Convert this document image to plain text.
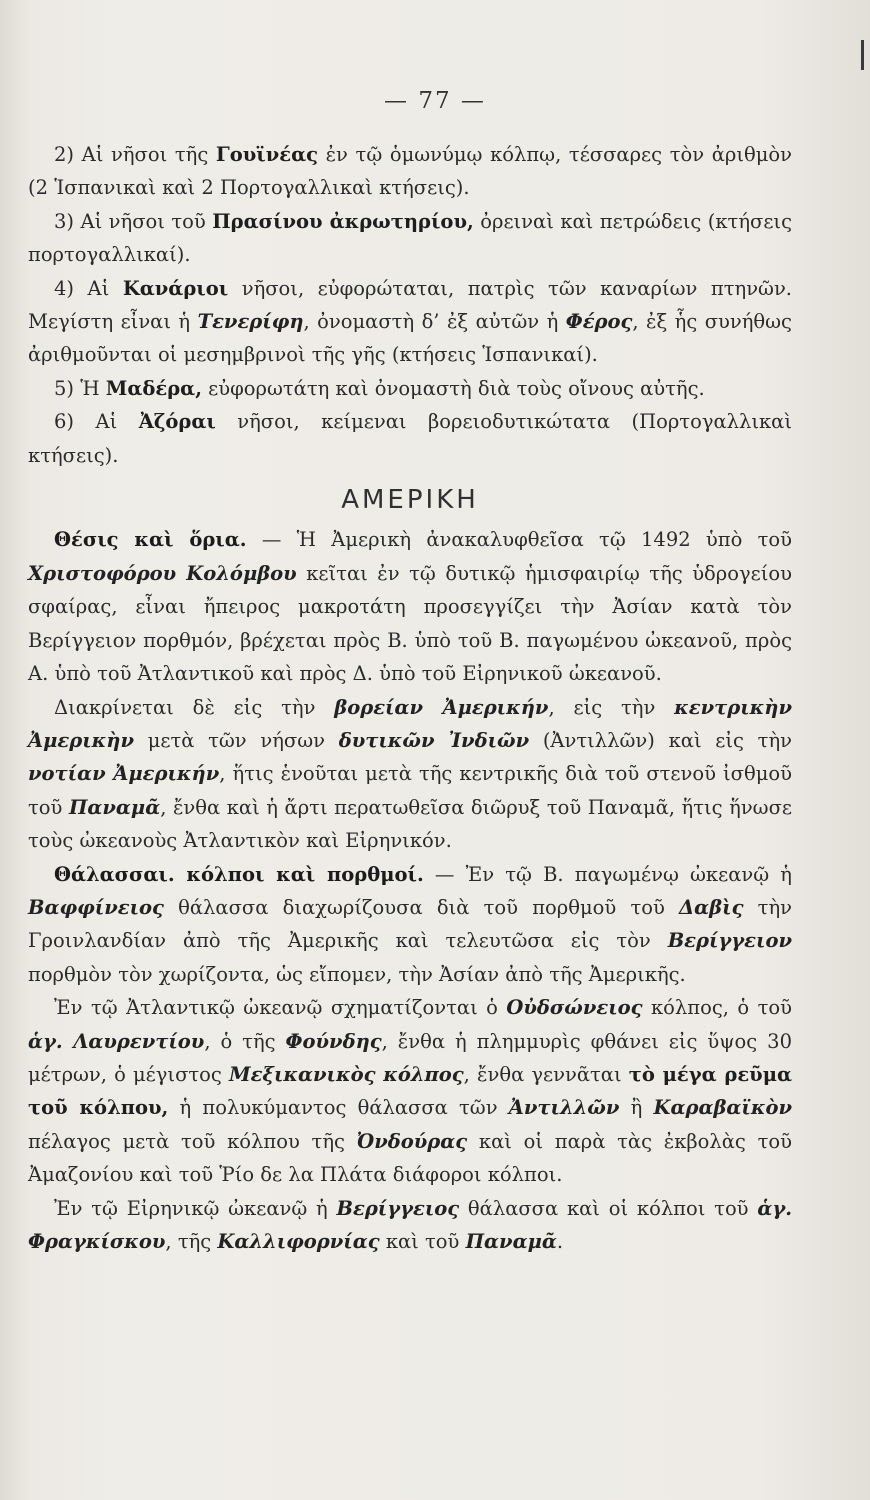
— 77 —

2) Αἱ νῆσοι τῆς Γουϊνέας ἐν τῷ ὁμωνύμῳ κόλπῳ, τέσσαρες τὸν ἀριθμὸν (2 Ἱσπανικαὶ καὶ 2 Πορτογαλλικαὶ κτήσεις).

3) Αἱ νῆσοι τοῦ Πρασίνου ἀκρωτηρίου, ὀρειναὶ καὶ πετρώδεις (κτήσεις πορτογαλλικαί).

4) Αἱ Κανάριοι νῆσοι, εὐφορώταται, πατρὶς τῶν καναρίων πτηνῶν. Μεγίστη εἶναι ἡ Τενερίφη, ὀνομαστὴ δ’ ἐξ αὐτῶν ἡ Φέρος, ἐξ ἧς συνήθως ἀριθμοῦνται οἱ μεσημβρινοὶ τῆς γῆς (κτήσεις Ἱσπανικαί).

5) Ἡ Μαδέρα, εὐφορωτάτη καὶ ὀνομαστὴ διὰ τοὺς οἴνους αὐτῆς.

6) Αἱ Ἀζόραι νῆσοι, κείμεναι βορειοδυτικώτατα (Πορτογαλλικαὶ κτήσεις).

ΑΜΕΡΙΚΗ

Θέσις καὶ ὅρια. — Ἡ Ἀμερικὴ ἀνακαλυφθεῖσα τῷ 1492 ὑπὸ τοῦ Χριστοφόρου Κολόμβου κεῖται ἐν τῷ δυτικῷ ἡμισφαιρίῳ τῆς ὑδρογείου σφαίρας, εἶναι ἤπειρος μακροτάτη προσεγγίζει τὴν Ἀσίαν κατὰ τὸν Βερίγγειον πορθμόν, βρέχεται πρὸς Β. ὑπὸ τοῦ Β. παγωμένου ὠκεανοῦ, πρὸς Α. ὑπὸ τοῦ Ἀτλαντικοῦ καὶ πρὸς Δ. ὑπὸ τοῦ Εἰρηνικοῦ ὠκεανοῦ.

Διακρίνεται δὲ εἰς τὴν βορείαν Ἀμερικήν, εἰς τὴν κεντρικὴν Ἀμερικὴν μετὰ τῶν νήσων δυτικῶν Ἰνδιῶν (Ἀντιλλῶν) καὶ εἰς τὴν νοτίαν Ἀμερικήν, ἥτις ἑνοῦται μετὰ τῆς κεντρικῆς διὰ τοῦ στενοῦ ἰσθμοῦ τοῦ Παναμᾶ, ἔνθα καὶ ἡ ἄρτι περατωθεῖσα διῶρυξ τοῦ Παναμᾶ, ἥτις ἥνωσε τοὺς ὠκεανοὺς Ἀτλαντικὸν καὶ Εἰρηνικόν.

Θάλασσαι. κόλποι καὶ πορθμοί. — Ἐν τῷ Β. παγωμένῳ ὠκεανῷ ἡ Βαφφίνειος θάλασσα διαχωρίζουσα διὰ τοῦ πορθμοῦ τοῦ Δαβὶς τὴν Γροινλανδίαν ἀπὸ τῆς Ἀμερικῆς καὶ τελευτῶσα εἰς τὸν Βερίγγειον πορθμὸν τὸν χωρίζοντα, ὡς εἴπομεν, τὴν Ἀσίαν ἀπὸ τῆς Ἀμερικῆς.

Ἐν τῷ Ἀτλαντικῷ ὠκεανῷ σχηματίζονται ὁ Οὐδσώνειος κόλπος, ὁ τοῦ ἁγ. Λαυρεντίου, ὁ τῆς Φούνδης, ἔνθα ἡ πλημμυρὶς φθάνει εἰς ὕψος 30 μέτρων, ὁ μέγιστος Μεξικανικὸς κόλπος, ἔνθα γεννᾶται τὸ μέγα ρεῦμα τοῦ κόλπου, ἡ πολυκύμαντος θάλασσα τῶν Ἀντιλλῶν ἢ Καραβαϊκὸν πέλαγος μετὰ τοῦ κόλπου τῆς Ὀνδούρας καὶ οἱ παρὰ τὰς ἐκβολὰς τοῦ Ἀμαζονίου καὶ τοῦ Ῥίο δε λα Πλάτα διάφοροι κόλποι.

Ἐν τῷ Εἰρηνικῷ ὠκεανῷ ἡ Βερίγγειος θάλασσα καὶ οἱ κόλποι τοῦ ἁγ. Φραγκίσκου, τῆς Καλλιφορνίας καὶ τοῦ Παναμᾶ.
